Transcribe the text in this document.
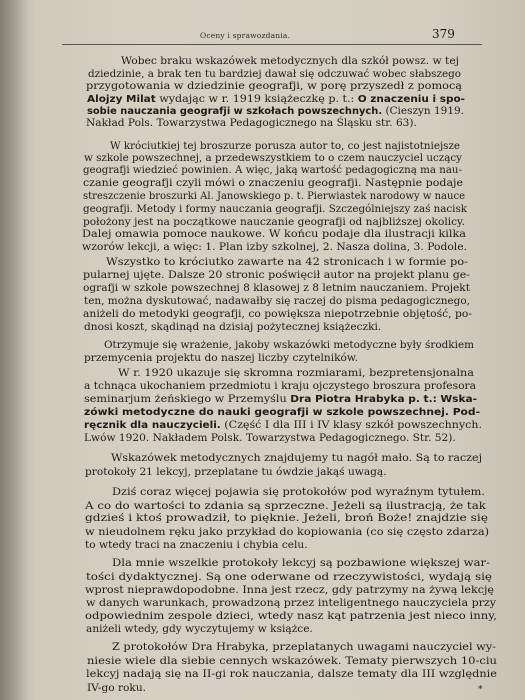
Oceny i sprawozdania.	379
Wobec braku wskazówek metodycznych dla szkół powsz. w tej
dziedzinie, a brak ten tu bardziej dawał się odczuwać wobec słabszego
przygotowania w dziedzinie geografji, w porę przyszedł z pomocą
Alojzy Milat wydając w r. 1919 książeczkę p. t.: O znaczeniu i spo-
sobie nauczania geografji w szkołach powszechnych. (Cieszyn 1919.
Nakład Pols. Towarzystwa Pedagogicznego na Śląsku str. 63).
W króciutkiej tej broszurze porusza autor to, co jest najistotniejsze
w szkole powszechnej, a przedewszystkiem to o czem nauczyciel uczący
geografji wiedzieć powinien. A więc, jaką wartość pedagogiczną ma nau-
czanie geografji czyli mówi o znaczeniu geografji. Następnie podaje
streszczenie broszurki Al. Janowskiego p. t. Pierwiastek narodowy w nauce
geografji. Metody i formy nauczania geografji. Szczególniejszy zaś nacisk
położony jest na początkowe nauczanie geografji od najbliższej okolicy.
Dalej omawia pomoce naukowe. W końcu podaje dla ilustracji kilka
wzorów lekcji, a więc: 1. Plan izby szkolnej, 2. Nasza dolina, 3. Podole.
Wszystko to króciutko zawarte na 42 stronicach i w formie po-
pularnej ujęte. Dalsze 20 stronic poświęcił autor na projekt planu ge-
ografji w szkole powszechnej 8 klasowej z 8 letnim nauczaniem. Projekt
ten, można dyskutować, nadawałby się raczej do pisma pedagogicznego,
aniżeli do metodyki geografji, co powiększa niepotrzebnie objętość, po-
dnosi koszt, skądinąd na dzisiaj pożytecznej książeczki.
Otrzymuje się wrażenie, jakoby wskazówki metodyczne były środkiem
przemycenia projektu do naszej liczby czytelników.
W r. 1920 ukazuje się skromna rozmiarami, bezpretensjonalna
a tchnąca ukochaniem przedmiotu i kraju ojczystego broszura profesora
seminarjum żeńskiego w Przemyślu Dra Piotra Hrabyka p. t.: Wska-
zówki metodyczne do nauki geografji w szkole powszechnej. Pod-
ręcznik dla nauczycieli. (Część I dla III i IV klasy szkół powszechnych.
Lwów 1920. Nakładem Polsk. Towarzystwa Pedagogicznego. Str. 52).
Wskazówek metodycznych znajdujemy tu nagół mało. Są to raczej
protokoły 21 lekcyj, przeplatane tu ówdzie jakąś uwagą.
Dziś coraz więcej pojawia się protokołów pod wyraźnym tytułem.
A co do wartości to zdania są sprzeczne. Jeżeli są ilustracją, że tak
gdzieś i ktoś prowadził, to pięknie. Jeżeli, broń Boże! znajdzie się
w nieudolnem ręku jako przykład do kopiowania (co się często zdarza)
to wtedy traci na znaczeniu i chybia celu.
Dla mnie wszelkie protokoły lekcyj są pozbawione większej war-
tości dydaktycznej. Są one oderwane od rzeczywistości, wydają się
wprost nieprawdopodobne. Inna jest rzecz, gdy patrzymy na żywą lekcję
w danych warunkach, prowadzoną przez inteligentnego nauczyciela przy
odpowiednim zespole dzieci, wtedy nasz kąt patrzenia jest nieco inny,
aniżeli wtedy, gdy wyczytujemy w książce.
Z protokołów Dra Hrabyka, przeplatanych uwagami nauczyciel wy-
niesie wiele dla siebie cennych wskazówek. Tematy pierwszych 10-ciu
lekcyj nadają się na II-gi rok nauczania, dalsze tematy dla III względnie
IV-go roku.	*
